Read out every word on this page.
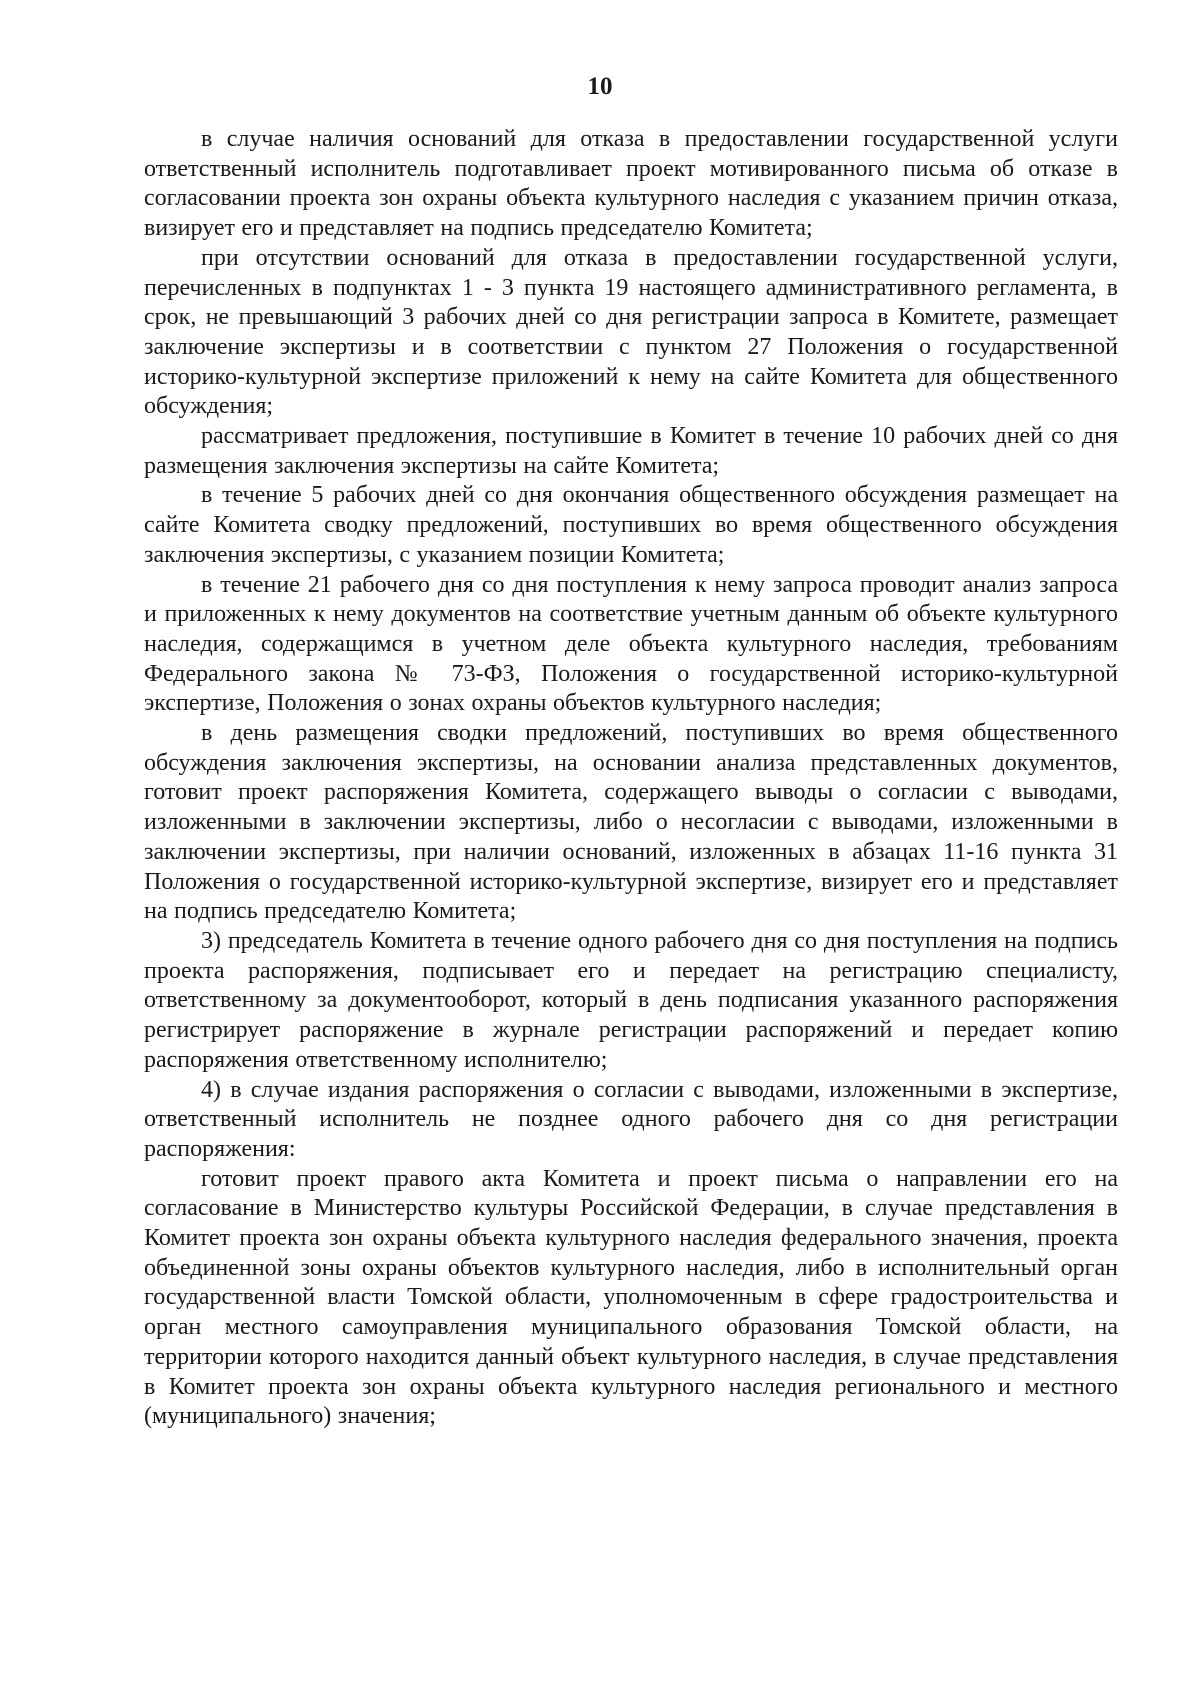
10

в случае наличия оснований для отказа в предоставлении государственной услуги ответственный исполнитель подготавливает проект мотивированного письма об отказе в согласовании проекта зон охраны объекта культурного наследия с указанием причин отказа, визирует его и представляет на подпись председателю Комитета;

при отсутствии оснований для отказа в предоставлении государственной услуги, перечисленных в подпунктах 1 - 3 пункта 19 настоящего административного регламента, в срок, не превышающий 3 рабочих дней со дня регистрации запроса в Комитете, размещает заключение экспертизы и в соответствии с пунктом 27 Положения о государственной историко-культурной экспертизе приложений к нему на сайте Комитета для общественного обсуждения;

рассматривает предложения, поступившие в Комитет в течение 10 рабочих дней со дня размещения заключения экспертизы на сайте Комитета;

в течение 5 рабочих дней со дня окончания общественного обсуждения размещает на сайте Комитета сводку предложений, поступивших во время общественного обсуждения заключения экспертизы, с указанием позиции Комитета;

в течение 21 рабочего дня со дня поступления к нему запроса проводит анализ запроса и приложенных к нему документов на соответствие учетным данным об объекте культурного наследия, содержащимся в учетном деле объекта культурного наследия, требованиям Федерального закона № 73-ФЗ, Положения о государственной историко-культурной экспертизе, Положения о зонах охраны объектов культурного наследия;

в день размещения сводки предложений, поступивших во время общественного обсуждения заключения экспертизы, на основании анализа представленных документов, готовит проект распоряжения Комитета, содержащего выводы о согласии с выводами, изложенными в заключении экспертизы, либо о несогласии с выводами, изложенными в заключении экспертизы, при наличии оснований, изложенных в абзацах 11-16 пункта 31 Положения о государственной историко-культурной экспертизе, визирует его и представляет на подпись председателю Комитета;

3) председатель Комитета в течение одного рабочего дня со дня поступления на подпись проекта распоряжения, подписывает его и передает на регистрацию специалисту, ответственному за документооборот, который в день подписания указанного распоряжения регистрирует распоряжение в журнале регистрации распоряжений и передает копию распоряжения ответственному исполнителю;

4) в случае издания распоряжения о согласии с выводами, изложенными в экспертизе, ответственный исполнитель не позднее одного рабочего дня со дня регистрации распоряжения:

готовит проект правого акта Комитета и проект письма о направлении его на согласование в Министерство культуры Российской Федерации, в случае представления в Комитет проекта зон охраны объекта культурного наследия федерального значения, проекта объединенной зоны охраны объектов культурного наследия, либо в исполнительный орган государственной власти Томской области, уполномоченным в сфере градостроительства и орган местного самоуправления муниципального образования Томской области, на территории которого находится данный объект культурного наследия, в случае представления в Комитет проекта зон охраны объекта культурного наследия регионального и местного (муниципального) значения;
